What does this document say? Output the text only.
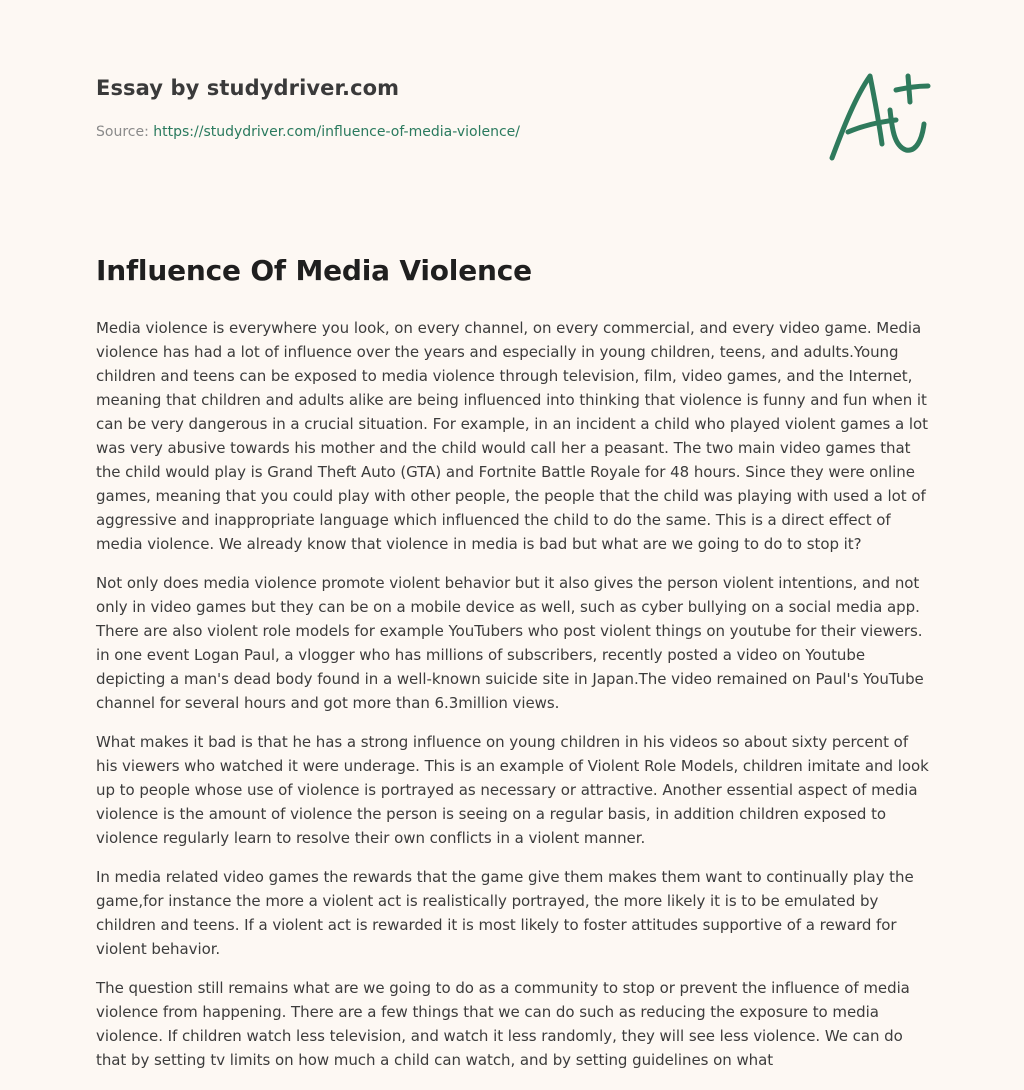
Essay by studydriver.com
Source: https://studydriver.com/influence-of-media-violence/
Influence Of Media Violence

Media violence is everywhere you look, on every channel, on every commercial, and every video game. Media violence has had a lot of influence over the years and especially in young children, teens, and adults.Young children and teens can be exposed to media violence through television, film, video games, and the Internet, meaning that children and adults alike are being influenced into thinking that violence is funny and fun when it can be very dangerous in a crucial situation. For example, in an incident a child who played violent games a lot was very abusive towards his mother and the child would call her a peasant. The two main video games that the child would play is Grand Theft Auto (GTA) and Fortnite Battle Royale for 48 hours. Since they were online games, meaning that you could play with other people, the people that the child was playing with used a lot of aggressive and inappropriate language which influenced the child to do the same. This is a direct effect of media violence. We already know that violence in media is bad but what are we going to do to stop it?

Not only does media violence promote violent behavior but it also gives the person violent intentions, and not only in video games but they can be on a mobile device as well, such as cyber bullying on a social media app. There are also violent role models for example YouTubers who post violent things on youtube for their viewers. in one event Logan Paul, a vlogger who has millions of subscribers, recently posted a video on Youtube depicting a man's dead body found in a well-known suicide site in Japan.The video remained on Paul's YouTube channel for several hours and got more than 6.3million views.

What makes it bad is that he has a strong influence on young children in his videos so about sixty percent of his viewers who watched it were underage. This is an example of Violent Role Models, children imitate and look up to people whose use of violence is portrayed as necessary or attractive. Another essential aspect of media violence is the amount of violence the person is seeing on a regular basis, in addition children exposed to violence regularly learn to resolve their own conflicts in a violent manner.

In media related video games the rewards that the game give them makes them want to continually play the game,for instance the more a violent act is realistically portrayed, the more likely it is to be emulated by children and teens. If a violent act is rewarded it is most likely to foster attitudes supportive of a reward for violent behavior.

The question still remains what are we going to do as a community to stop or prevent the influence of media violence from happening. There are a few things that we can do such as reducing the exposure to media violence. If children watch less television, and watch it less randomly, they will see less violence. We can do that by setting tv limits on how much a child can watch, and by setting guidelines on what
